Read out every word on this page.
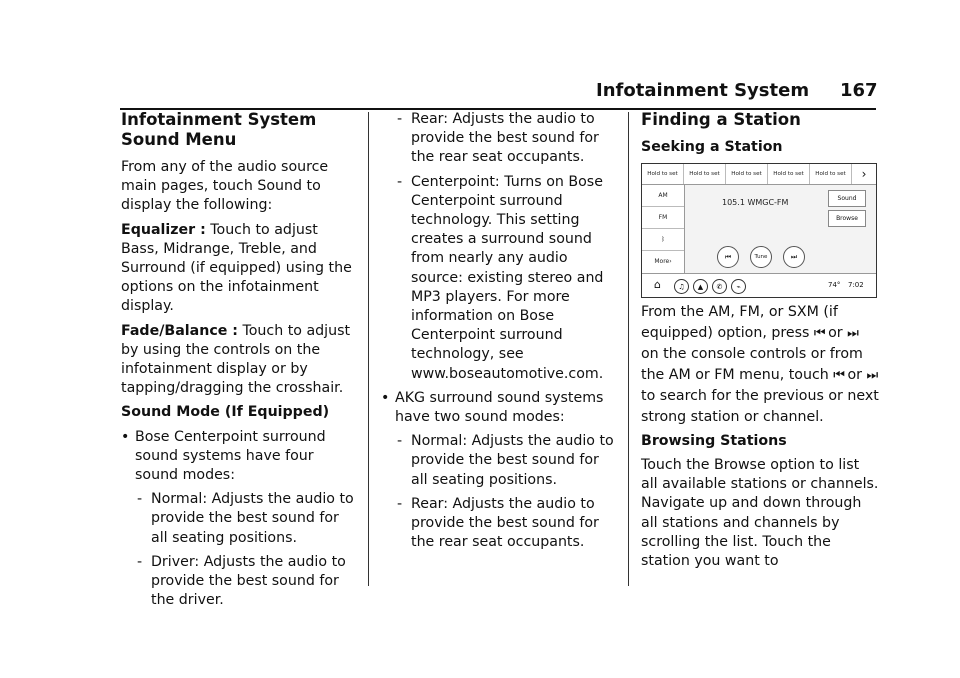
Infotainment System 167
Infotainment System Sound Menu

From any of the audio source main pages, touch Sound to display the following:

Equalizer : Touch to adjust Bass, Midrange, Treble, and Surround (if equipped) using the options on the infotainment display.

Fade/Balance : Touch to adjust by using the controls on the infotainment display or by tapping/dragging the crosshair.

Sound Mode (If Equipped)
• Bose Centerpoint surround sound systems have four sound modes:
- Normal: Adjusts the audio to provide the best sound for all seating positions.
- Driver: Adjusts the audio to provide the best sound for the driver.
- Rear: Adjusts the audio to provide the best sound for the rear seat occupants.
- Centerpoint: Turns on Bose Centerpoint surround technology. This setting creates a surround sound from nearly any audio source: existing stereo and MP3 players. For more information on Bose Centerpoint surround technology, see www.boseautomotive.com.
• AKG surround sound systems have two sound modes:
- Normal: Adjusts the audio to provide the best sound for all seating positions.
- Rear: Adjusts the audio to provide the best sound for the rear seat occupants.
Finding a Station
Seeking a Station
Hold to set	Hold to set	Hold to set	Hold to set	Hold to set	›
AM
FM
ᛒ
More ›
105.1 WMGC-FM	Sound
Browse
⏮	Tune	⏭
⌂	♫	▲	✆	⌁	74° 7:02

From the AM, FM, or SXM (if equipped) option, press ⏮ or ⏭ on the console controls or from the AM or FM menu, touch ⏮ or ⏭ to search for the previous or next strong station or channel.

Browsing Stations

Touch the Browse option to list all available stations or channels. Navigate up and down through all stations and channels by scrolling the list. Touch the station you want to
